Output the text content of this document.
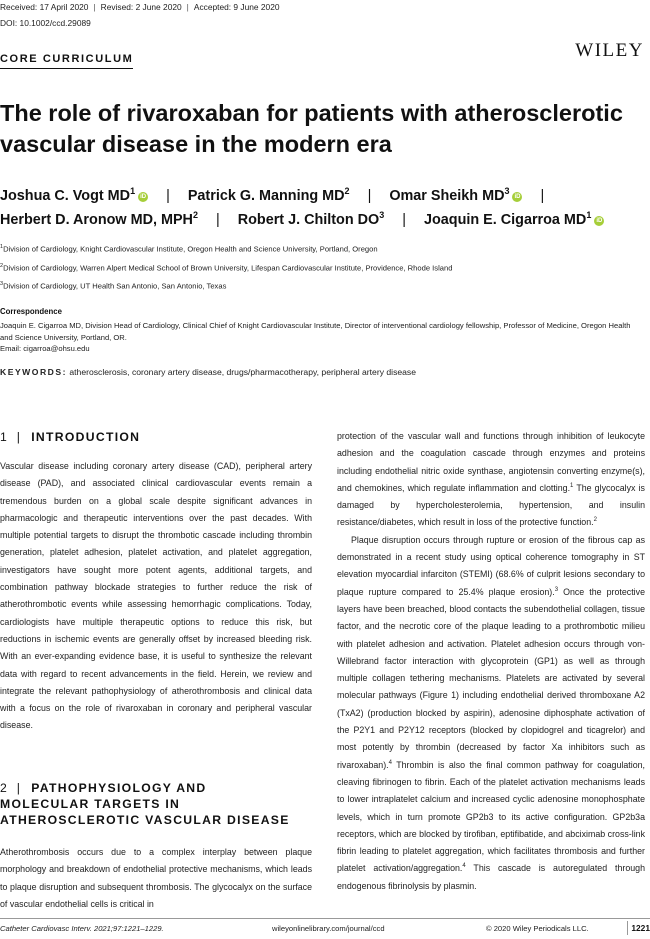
Received: 17 April 2020 | Revised: 2 June 2020 | Accepted: 9 June 2020
DOI: 10.1002/ccd.29089
CORE CURRICULUM	WILEY
The role of rivaroxaban for patients with atherosclerotic vascular disease in the modern era
Joshua C. Vogt $MD^1iD$ | Patrick G. Manning $MD^2$ | Omar Sheikh $MD^3iD$ |
Herbert D. Aronow MD, MPH$^2$ | Robert J. Chilton $DO^3$ | Joaquin E. Cigarroa $MD^1iD$
$^1$Division of Cardiology, Knight Cardiovascular Institute, Oregon Health and Science University, Portland, Oregon
$^2$Division of Cardiology, Warren Alpert Medical School of Brown University, Lifespan Cardiovascular Institute, Providence, Rhode Island
$^3$Division of Cardiology, UT Health San Antonio, San Antonio, Texas
Correspondence
Joaquin E. Cigarroa MD, Division Head of Cardiology, Clinical Chief of Knight Cardiovascular Institute, Director of interventional cardiology fellowship, Professor of Medicine, Oregon Health and Science University, Portland, OR.
Email: cigarroa@ohsu.edu
KEYWORDS: atherosclerosis, coronary artery disease, drugs/pharmacotherapy, peripheral artery disease
1 | INTRODUCTION

Vascular disease including coronary artery disease (CAD), peripheral artery disease (PAD), and associated clinical cardiovascular events remain a tremendous burden on a global scale despite significant advances in pharmacologic and therapeutic interventions over the past decades. With multiple potential targets to disrupt the thrombotic cascade including thrombin generation, platelet adhesion, platelet activation, and platelet aggregation, investigators have sought more potent agents, additional targets, and combination pathway blockade strategies to further reduce the risk of atherothrombotic events while assessing hemorrhagic complications. Today, cardiologists have multiple therapeutic options to reduce this risk, but reductions in ischemic events are generally offset by increased bleeding risk. With an ever-expanding evidence base, it is useful to synthesize the relevant data with regard to recent advancements in the field. Herein, we review and integrate the relevant pathophysiology of atherothrombosis and clinical data with a focus on the role of rivaroxaban in coronary and peripheral vascular disease.

2 | PATHOPHYSIOLOGY AND
MOLECULAR TARGETS IN
ATHEROSCLEROTIC VASCULAR DISEASE

Atherothrombosis occurs due to a complex interplay between plaque morphology and breakdown of endothelial protective mechanisms, which leads to plaque disruption and subsequent thrombosis. The glycocalyx on the surface of vascular endothelial cells is critical in

protection of the vascular wall and functions through inhibition of leukocyte adhesion and the coagulation cascade through enzymes and proteins including endothelial nitric oxide synthase, angiotensin converting enzyme(s), and chemokines, which regulate inflammation and clotting.$^1$ The glycocalyx is damaged by hypercholesterolemia, hypertension, and insulin resistance/diabetes, which result in loss of the protective function.$^2$

Plaque disruption occurs through rupture or erosion of the fibrous cap as demonstrated in a recent study using optical coherence tomography in ST elevation myocardial infarciton (STEMI) (68.6% of culprit lesions secondary to plaque rupture compared to 25.4% plaque erosion).$^3$ Once the protective layers have been breached, blood contacts the subendothelial collagen, tissue factor, and the necrotic core of the plaque leading to a prothrombotic milieu with platelet adhesion and activation. Platelet adhesion occurs through von-Willebrand factor interaction with glycoprotein (GP1) as well as through multiple collagen tethering mechanisms. Platelets are activated by several molecular pathways (Figure 1) including endothelial derived thromboxane A2 (TxA2) (production blocked by aspirin), adenosine diphosphate activation of the P2Y1 and P2Y12 receptors (blocked by clopidogrel and ticagrelor) and most potently by thrombin (decreased by factor Xa inhibitors such as rivaroxaban).$^4$ Thrombin is also the final common pathway for coagulation, cleaving fibrinogen to fibrin. Each of the platelet activation mechanisms leads to lower intraplatelet calcium and increased cyclic adenosine monophosphate levels, which in turn promote GP2b3 to its active configuration. GP2b3a receptors, which are blocked by tirofiban, eptifibatide, and abciximab cross-link fibrin leading to platelet aggregation, which facilitates thrombosis and further platelet activation/aggregation.$^4$ This cascade is autoregulated through endogenous fibrinolysis by plasmin.

Catheter Cardiovasc Interv. 2021;97:1221–1229.	wileyonlinelibrary.com/journal/ccd	© 2020 Wiley Periodicals LLC.	1221
